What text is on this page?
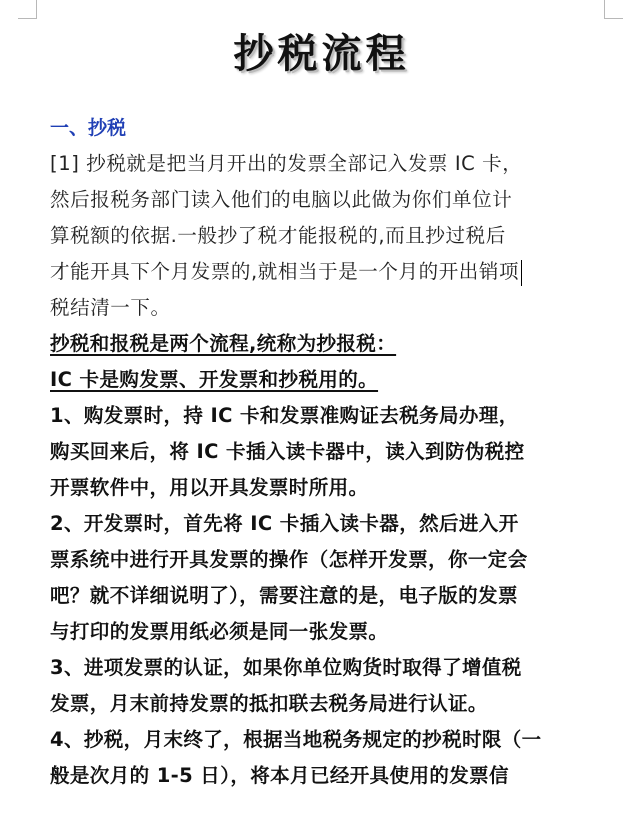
抄税流程
一、抄税
[1] 抄税就是把当月开出的发票全部记入发票 IC 卡，
然后报税务部门读入他们的电脑以此做为你们单位计
算税额的依据.一般抄了税才能报税的,而且抄过税后
才能开具下个月发票的,就相当于是一个月的开出销项
税结清一下。
抄税和报税是两个流程,统称为抄报税：
IC 卡是购发票、开发票和抄税用的。
1、购发票时，持 IC 卡和发票准购证去税务局办理，
购买回来后，将 IC 卡插入读卡器中，读入到防伪税控
开票软件中，用以开具发票时所用。
2、开发票时，首先将 IC 卡插入读卡器，然后进入开
票系统中进行开具发票的操作（怎样开发票，你一定会
吧？就不详细说明了），需要注意的是，电子版的发票
与打印的发票用纸必须是同一张发票。
3、进项发票的认证，如果你单位购货时取得了增值税
发票，月末前持发票的抵扣联去税务局进行认证。
4、抄税，月末终了，根据当地税务规定的抄税时限（一
般是次月的 1-5 日），将本月已经开具使用的发票信
